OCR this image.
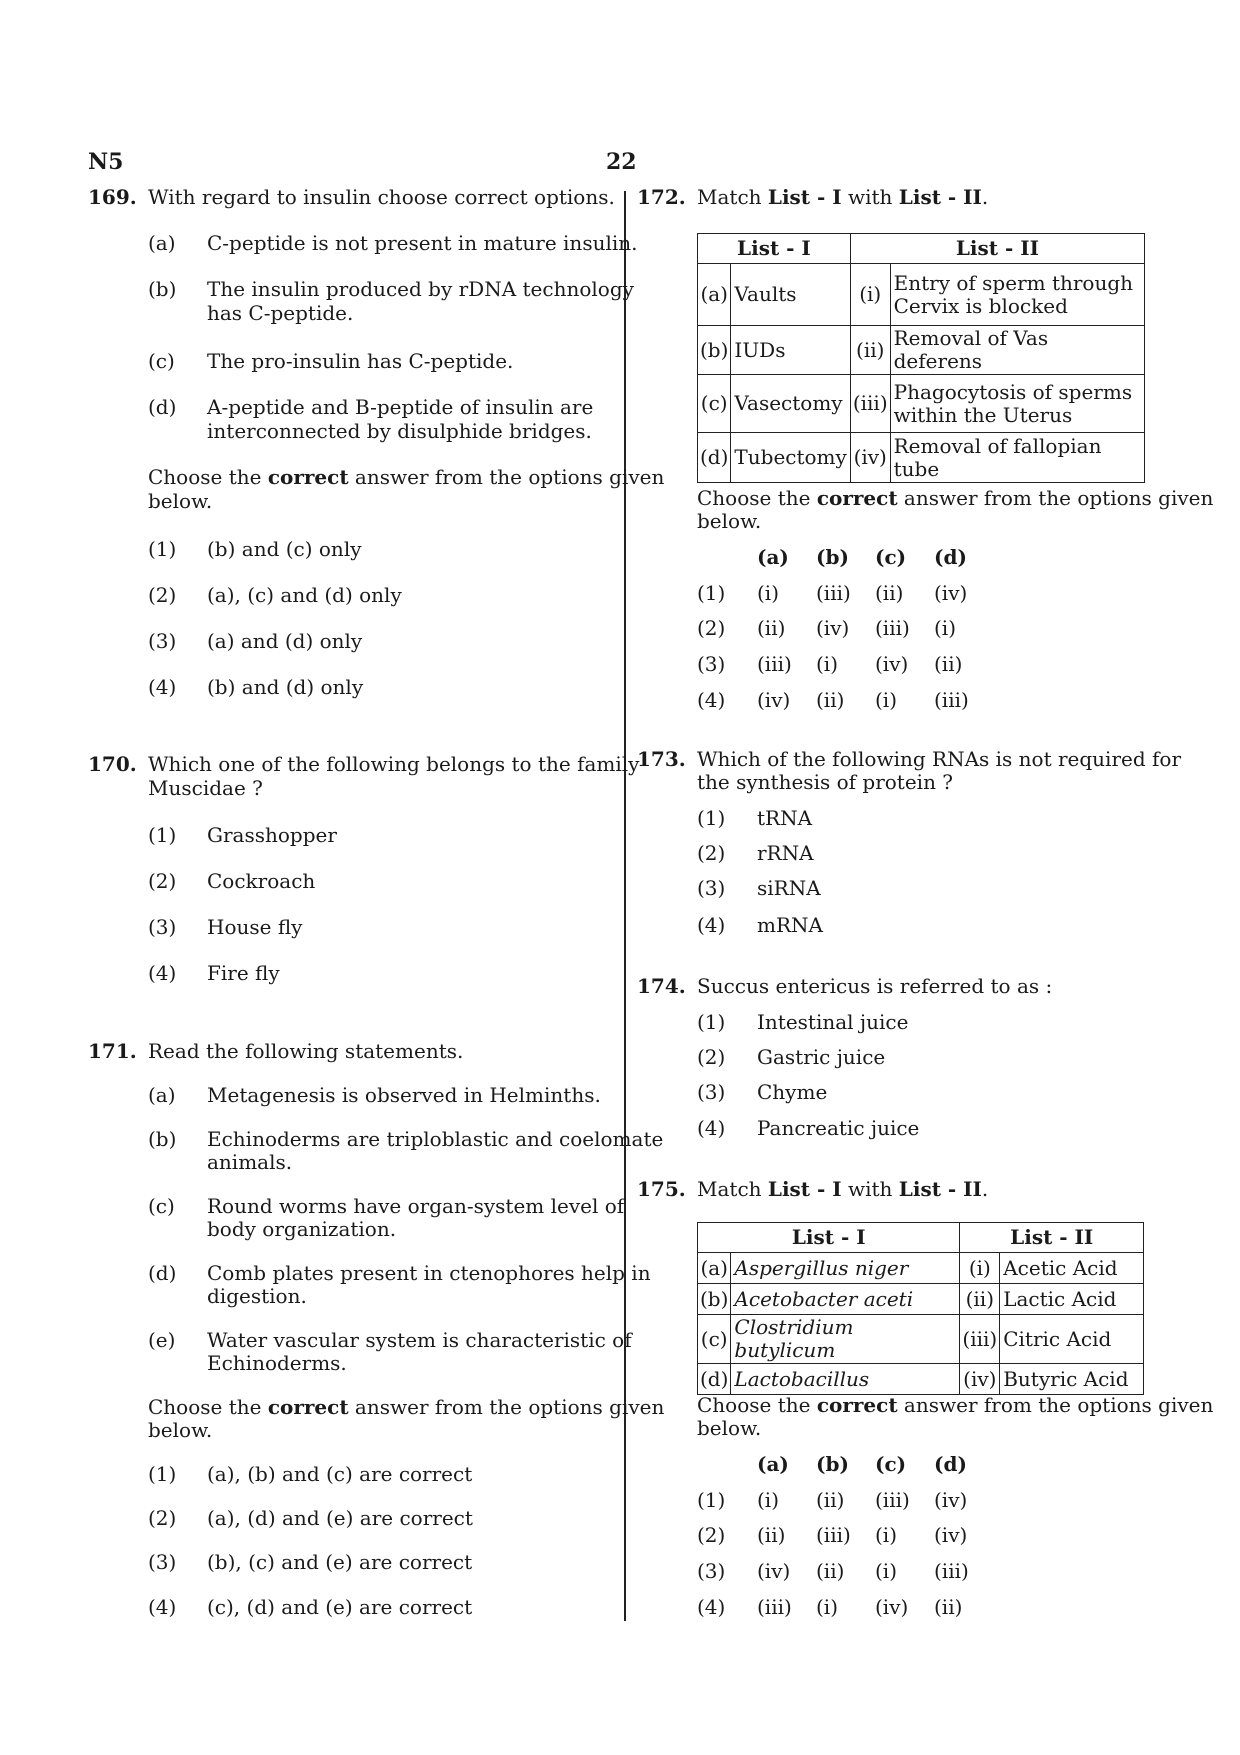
N5	22
169. With regard to insulin choose correct options.
(a) C-peptide is not present in mature insulin.
(b) The insulin produced by rDNA technology
has C-peptide.
(c) The pro-insulin has C-peptide.
(d) A-peptide and B-peptide of insulin are
interconnected by disulphide bridges.
Choose the correct answer from the options given
below.
(1) (b) and (c) only
(2) (a), (c) and (d) only
(3) (a) and (d) only
(4) (b) and (d) only
170. Which one of the following belongs to the family
Muscidae ?
(1) Grasshopper
(2) Cockroach
(3) House fly
(4) Fire fly
171. Read the following statements.
(a) Metagenesis is observed in Helminths.
(b) Echinoderms are triploblastic and coelomate
animals.
(c) Round worms have organ-system level of
body organization.
(d) Comb plates present in ctenophores help in
digestion.
(e) Water vascular system is characteristic of
Echinoderms.
Choose the correct answer from the options given
below.
(1) (a), (b) and (c) are correct
(2) (a), (d) and (e) are correct
(3) (b), (c) and (e) are correct
(4) (c), (d) and (e) are correct
172. Match List - I with List - II.
List - I		List - II	
(a)	Vaults	(i)	Entry of sperm through
Cervix is blocked

(b)	IUDs	(ii)	Removal of Vas deferens
(c)	Vasectomy	(iii)	Phagocytosis of sperms
within the Uterus

(d)	Tubectomy	(iv)	Removal of fallopian tube
Choose the correct answer from the options given
below.
(a) (b) (c) (d)
(1) (i) (iii) (ii) (iv)
(2) (ii) (iv) (iii) (i)
(3) (iii) (i) (iv) (ii)
(4) (iv) (ii) (i) (iii)
173. Which of the following RNAs is not required for
the synthesis of protein ?
(1) tRNA
(2) rRNA
(3) siRNA
(4) mRNA
174. Succus entericus is referred to as :
(1) Intestinal juice
(2) Gastric juice
(3) Chyme
(4) Pancreatic juice
175. Match List - I with List - II.
List - I		List - II	
(a)	Aspergillus niger	(i)	Acetic Acid
(b)	Acetobacter aceti	(ii)	Lactic Acid
(c)	Clostridium butylicum	(iii)	Citric Acid
(d)	Lactobacillus	(iv)	Butyric Acid
Choose the correct answer from the options given
below.
(a) (b) (c) (d)
(1) (i) (ii) (iii) (iv)
(2) (ii) (iii) (i) (iv)
(3) (iv) (ii) (i) (iii)
(4) (iii) (i) (iv) (ii)
